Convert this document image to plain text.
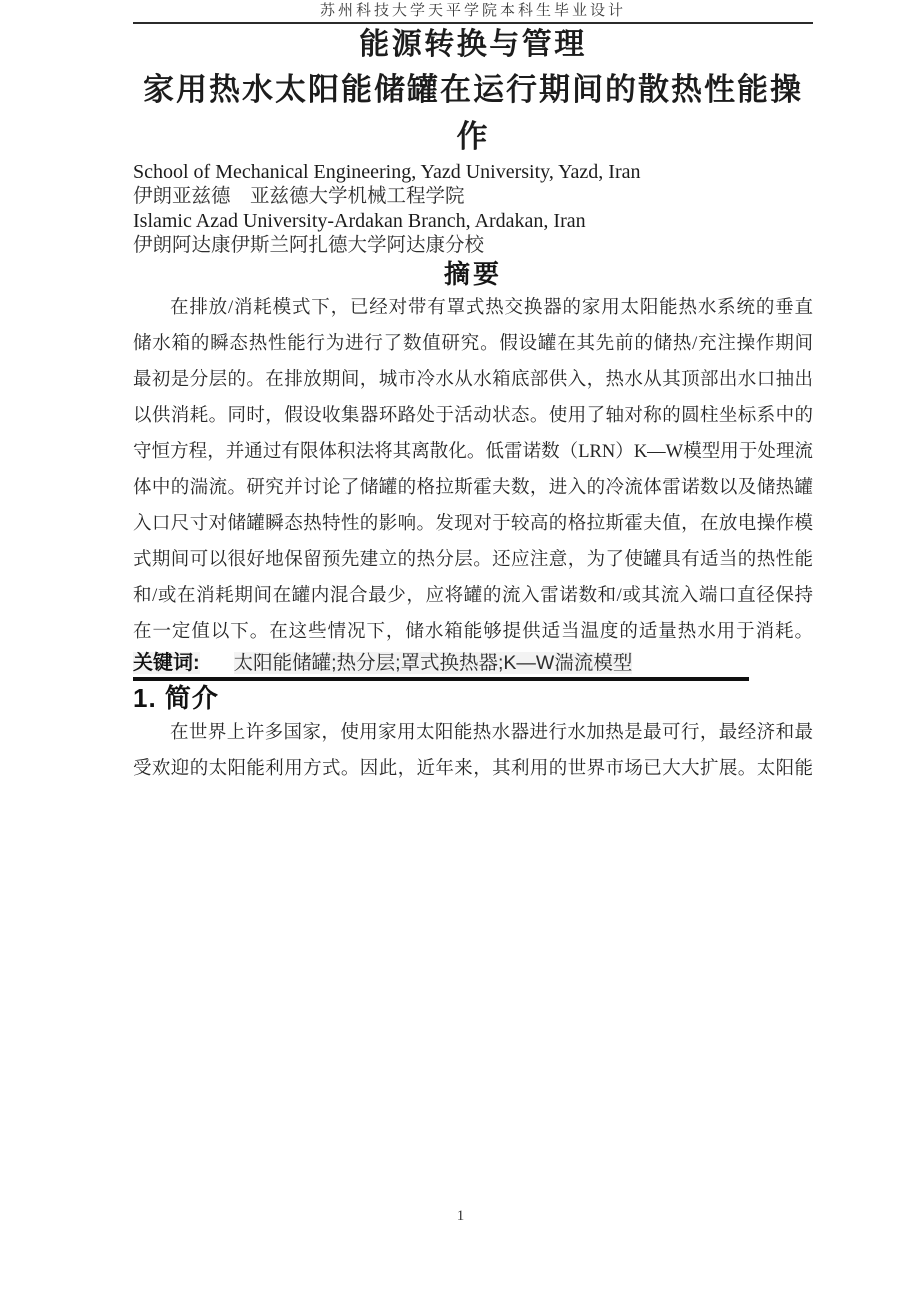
苏州科技大学天平学院本科生毕业设计
能源转换与管理
家用热水太阳能储罐在运行期间的散热性能操作

School of Mechanical Engineering, Yazd University, Yazd, Iran

伊朗亚兹德　亚兹德大学机械工程学院

Islamic Azad University-Ardakan Branch, Ardakan, Iran

伊朗阿达康伊斯兰阿扎德大学阿达康分校

摘要
在排放/消耗模式下，已经对带有罩式热交换器的家用太阳能热水系统的垂直
储水箱的瞬态热性能行为进行了数值研究。假设罐在其先前的储热/充注操作期间
最初是分层的。在排放期间，城市冷水从水箱底部供入，热水从其顶部出水口抽出
以供消耗。同时，假设收集器环路处于活动状态。使用了轴对称的圆柱坐标系中的
守恒方程，并通过有限体积法将其离散化。低雷诺数（LRN）K—W模型用于处理流
体中的湍流。研究并讨论了储罐的格拉斯霍夫数，进入的冷流体雷诺数以及储热罐
入口尺寸对储罐瞬态热特性的影响。发现对于较高的格拉斯霍夫值，在放电操作模
式期间可以很好地保留预先建立的热分层。还应注意，为了使罐具有适当的热性能
和/或在消耗期间在罐内混合最少，应将罐的流入雷诺数和/或其流入端口直径保持
在一定值以下。在这些情况下，储水箱能够提供适当温度的适量热水用于消耗。

关键词: 太阳能储罐;热分层;罩式换热器;K—W湍流模型

1. 简介
在世界上许多国家，使用家用太阳能热水器进行水加热是最可行，最经济和最
受欢迎的太阳能利用方式。因此，近年来，其利用的世界市场已大大扩展。太阳能
1
